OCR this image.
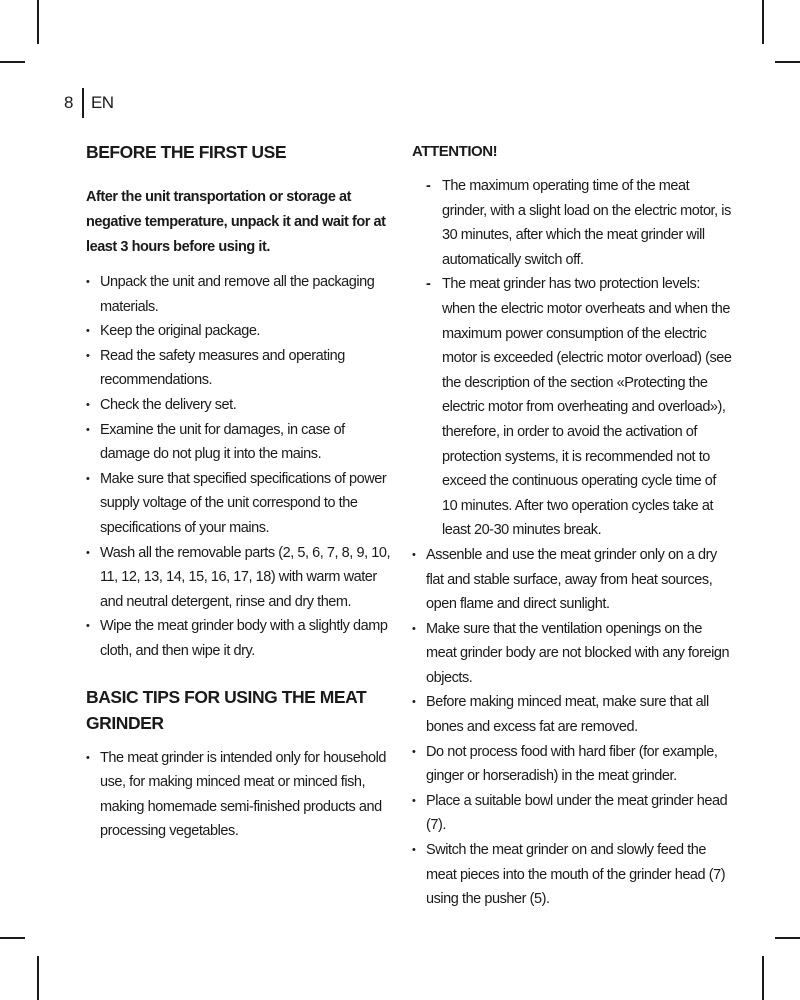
8 EN
BEFORE THE FIRST USE

After the unit transportation or storage at negative temperature, unpack it and wait for at least 3 hours before using it.

• Unpack the unit and remove all the packaging materials.
• Keep the original package.
• Read the safety measures and operating recommendations.
• Check the delivery set.
• Examine the unit for damages, in case of damage do not plug it into the mains.
• Make sure that specified specifications of power supply voltage of the unit correspond to the specifications of your mains.
• Wash all the removable parts (2, 5, 6, 7, 8, 9, 10, 11, 12, 13, 14, 15, 16, 17, 18) with warm water and neutral detergent, rinse and dry them.
• Wipe the meat grinder body with a slightly damp cloth, and then wipe it dry.
BASIC TIPS FOR USING THE MEAT GRINDER
• The meat grinder is intended only for household use, for making minced meat or minced fish, making homemade semi-finished products and processing vegetables.
ATTENTION!
- The maximum operating time of the meat grinder, with a slight load on the electric motor, is 30 minutes, after which the meat grinder will automatically switch off.
- The meat grinder has two protection levels: when the electric motor overheats and when the maximum power consumption of the electric motor is exceeded (electric motor overload) (see the description of the section «Protecting the electric motor from overheating and overload»), therefore, in order to avoid the activation of protection systems, it is recommended not to exceed the continuous operating cycle time of 10 minutes. After two operation cycles take at least 20-30 minutes break.
• Assenble and use the meat grinder only on a dry flat and stable surface, away from heat sources, open flame and direct sunlight.
• Make sure that the ventilation openings on the meat grinder body are not blocked with any foreign objects.
• Before making minced meat, make sure that all bones and excess fat are removed.
• Do not process food with hard fiber (for example, ginger or horseradish) in the meat grinder.
• Place a suitable bowl under the meat grinder head (7).
• Switch the meat grinder on and slowly feed the meat pieces into the mouth of the grinder head (7) using the pusher (5).
